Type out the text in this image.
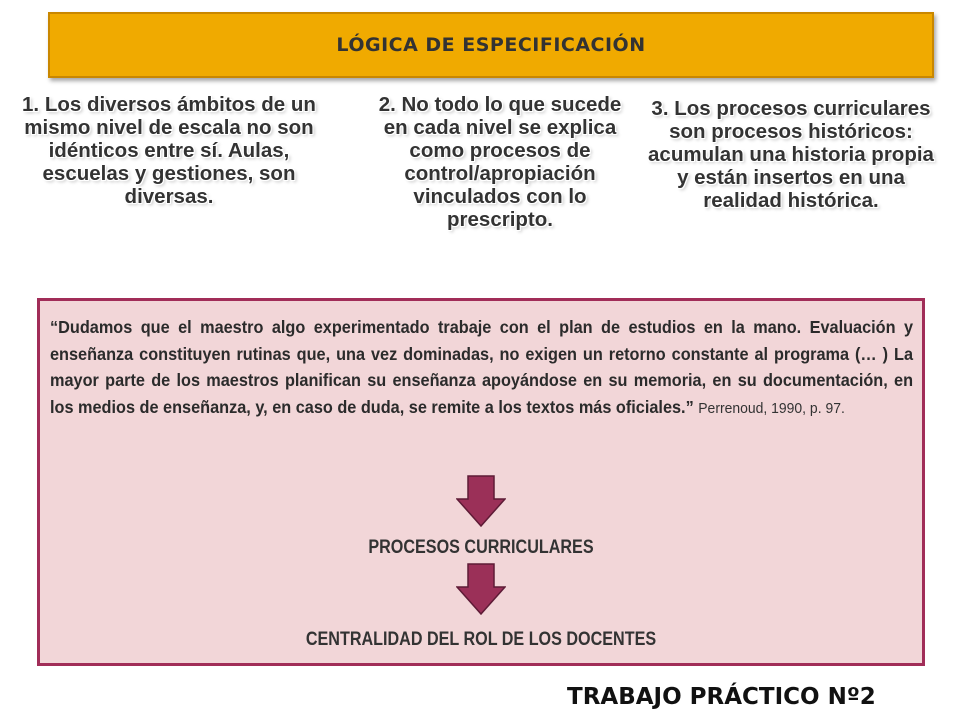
LÓGICA DE ESPECIFICACIÓN
1. Los diversos ámbitos de un mismo nivel de escala no son idénticos entre sí. Aulas, escuelas y gestiones, son diversas.
2. No todo lo que sucede en cada nivel se explica como procesos de control/apropiación vinculados con lo prescripto.
3. Los procesos curriculares son procesos históricos: acumulan una historia propia y están insertos en una realidad histórica.
“Dudamos que el maestro algo experimentado trabaje con el plan de estudios en la mano. Evaluación y enseñanza constituyen rutinas que, una vez dominadas, no exigen un retorno constante al programa (… ) La mayor parte de los maestros planifican su enseñanza apoyándose en su memoria, en su documentación, en los medios de enseñanza, y, en caso de duda, se remite a los textos más oficiales.” Perrenoud, 1990, p. 97.
PROCESOS CURRICULARES
CENTRALIDAD DEL ROL DE LOS DOCENTES
TRABAJO PRÁCTICO Nº2
